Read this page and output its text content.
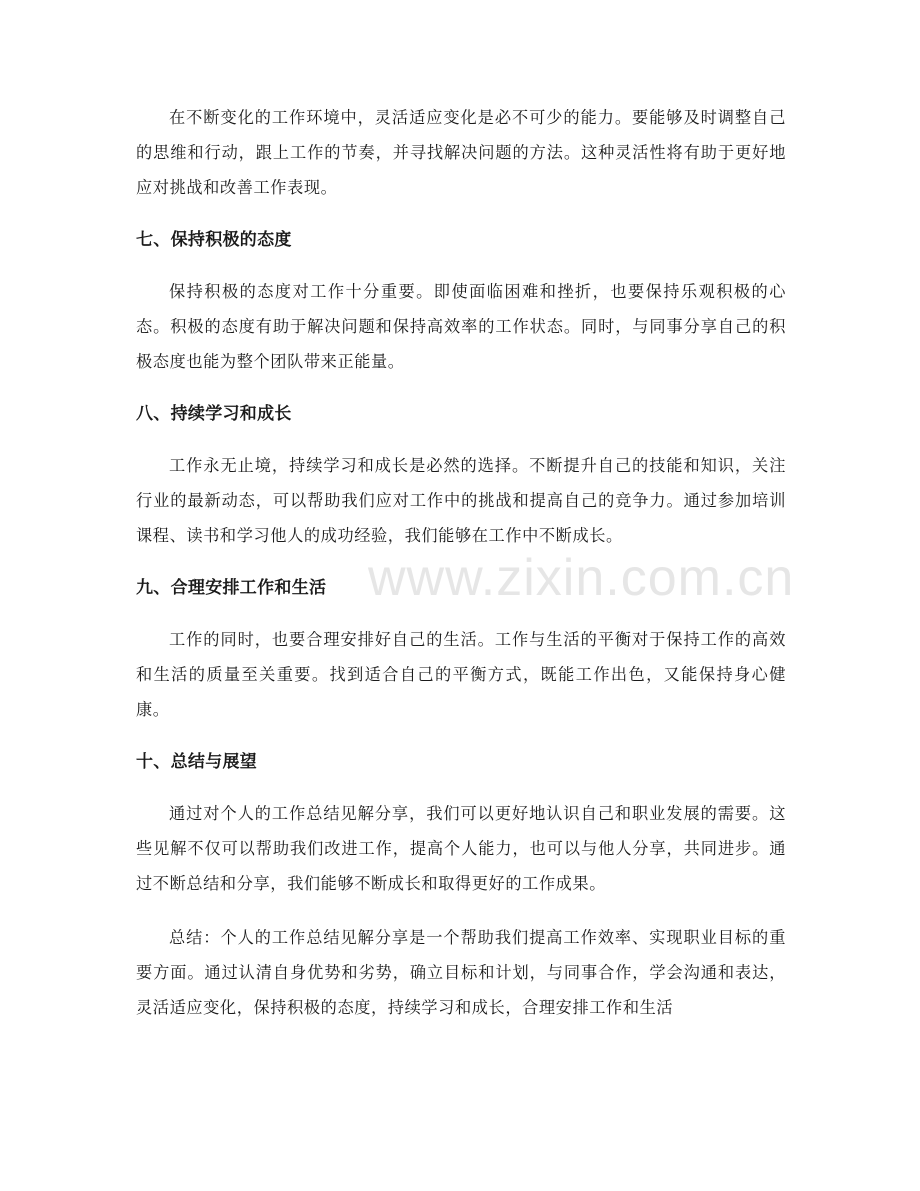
www.zixin.com.cn

在不断变化的工作环境中，灵活适应变化是必不可少的能力。要能够及时调整自己的思维和行动，跟上工作的节奏，并寻找解决问题的方法。这种灵活性将有助于更好地应对挑战和改善工作表现。

七、保持积极的态度

保持积极的态度对工作十分重要。即使面临困难和挫折，也要保持乐观积极的心态。积极的态度有助于解决问题和保持高效率的工作状态。同时，与同事分享自己的积极态度也能为整个团队带来正能量。

八、持续学习和成长

工作永无止境，持续学习和成长是必然的选择。不断提升自己的技能和知识，关注行业的最新动态，可以帮助我们应对工作中的挑战和提高自己的竞争力。通过参加培训课程、读书和学习他人的成功经验，我们能够在工作中不断成长。

九、合理安排工作和生活

工作的同时，也要合理安排好自己的生活。工作与生活的平衡对于保持工作的高效和生活的质量至关重要。找到适合自己的平衡方式，既能工作出色，又能保持身心健康。

十、总结与展望

通过对个人的工作总结见解分享，我们可以更好地认识自己和职业发展的需要。这些见解不仅可以帮助我们改进工作，提高个人能力，也可以与他人分享，共同进步。通过不断总结和分享，我们能够不断成长和取得更好的工作成果。

总结：个人的工作总结见解分享是一个帮助我们提高工作效率、实现职业目标的重要方面。通过认清自身优势和劣势，确立目标和计划，与同事合作，学会沟通和表达，灵活适应变化，保持积极的态度，持续学习和成长，合理安排工作和生活
